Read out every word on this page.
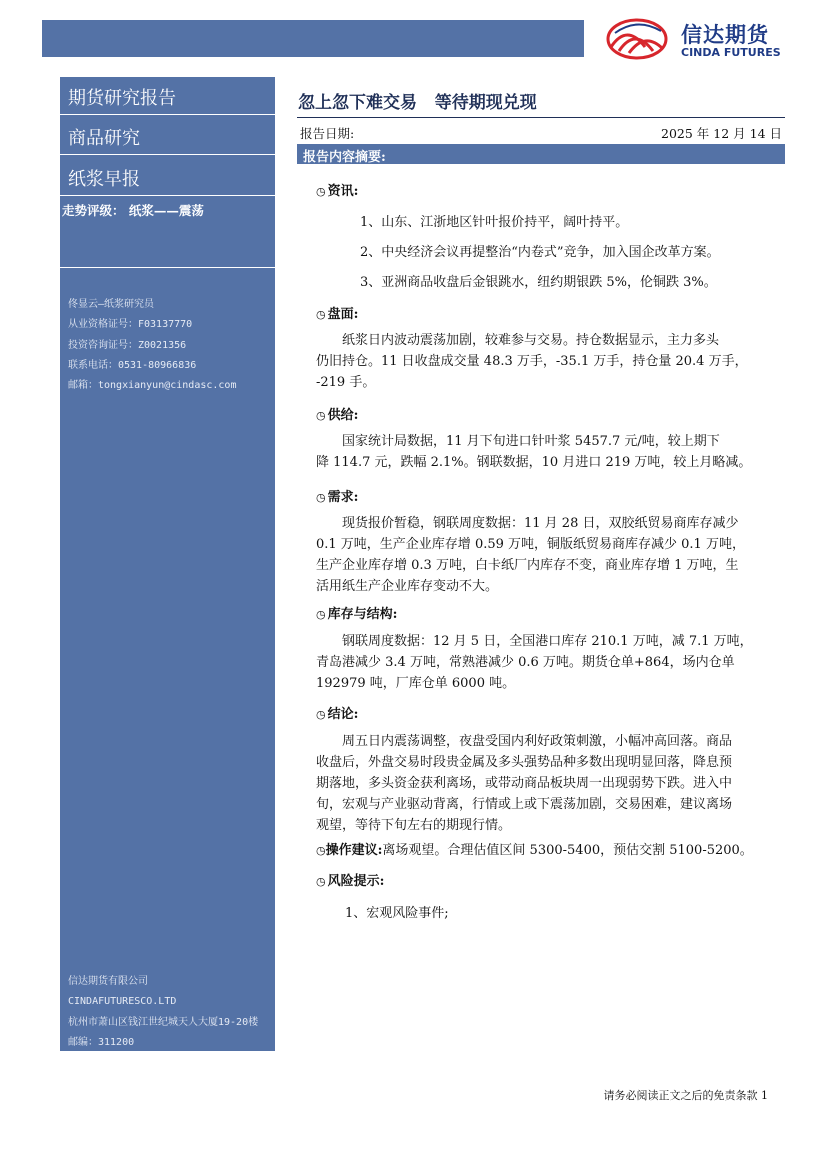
信达期货
CINDA FUTURES
期货研究报告
商品研究
纸浆早报
走势评级： 纸浆——震荡
佟显云—纸浆研究员
从业资格证号：F03137770
投资咨询证号：Z0021356
联系电话：0531-80966836
邮箱：tongxianyun@cindasc.com
信达期货有限公司
CINDAFUTURESCO.LTD
杭州市萧山区钱江世纪城天人大厦19-20楼
邮编：311200
忽上忽下难交易   等待期现兑现
报告日期:	2025 年 12 月 14 日
报告内容摘要:
◷ 资讯:
1、山东、江浙地区针叶报价持平，阔叶持平。
2、中央经济会议再提整治“内卷式”竞争，加入国企改革方案。
3、亚洲商品收盘后金银跳水，纽约期银跌 5%，伦铜跌 3%。
◷ 盘面:
　　纸浆日内波动震荡加剧，较难参与交易。持仓数据显示，主力多头
仍旧持仓。11 日收盘成交量 48.3 万手，-35.1 万手，持仓量 20.4 万手，
-219 手。
◷ 供给:
　　国家统计局数据，11 月下旬进口针叶浆 5457.7 元/吨，较上期下
降 114.7 元，跌幅 2.1%。钢联数据，10 月进口 219 万吨，较上月略减。
◷ 需求:
　　现货报价暂稳，钢联周度数据：11 月 28 日，双胶纸贸易商库存减少
0.1 万吨，生产企业库存增 0.59 万吨，铜版纸贸易商库存减少 0.1 万吨，
生产企业库存增 0.3 万吨，白卡纸厂内库存不变，商业库存增 1 万吨，生
活用纸生产企业库存变动不大。
◷ 库存与结构:
　　钢联周度数据：12 月 5 日，全国港口库存 210.1 万吨，减 7.1 万吨，
青岛港减少 3.4 万吨，常熟港减少 0.6 万吨。期货仓单+864，场内仓单
192979 吨，厂库仓单 6000 吨。
◷ 结论:
　　周五日内震荡调整，夜盘受国内利好政策刺激，小幅冲高回落。商品
收盘后，外盘交易时段贵金属及多头强势品种多数出现明显回落，降息预
期落地，多头资金获利离场，或带动商品板块周一出现弱势下跌。进入中
旬，宏观与产业驱动背离，行情或上或下震荡加剧，交易困难，建议离场
观望，等待下旬左右的期现行情。
◷操作建议:离场观望。合理估值区间 5300-5400，预估交割 5100-5200。
◷ 风险提示:
1、宏观风险事件;
请务必阅读正文之后的免责条款 1
